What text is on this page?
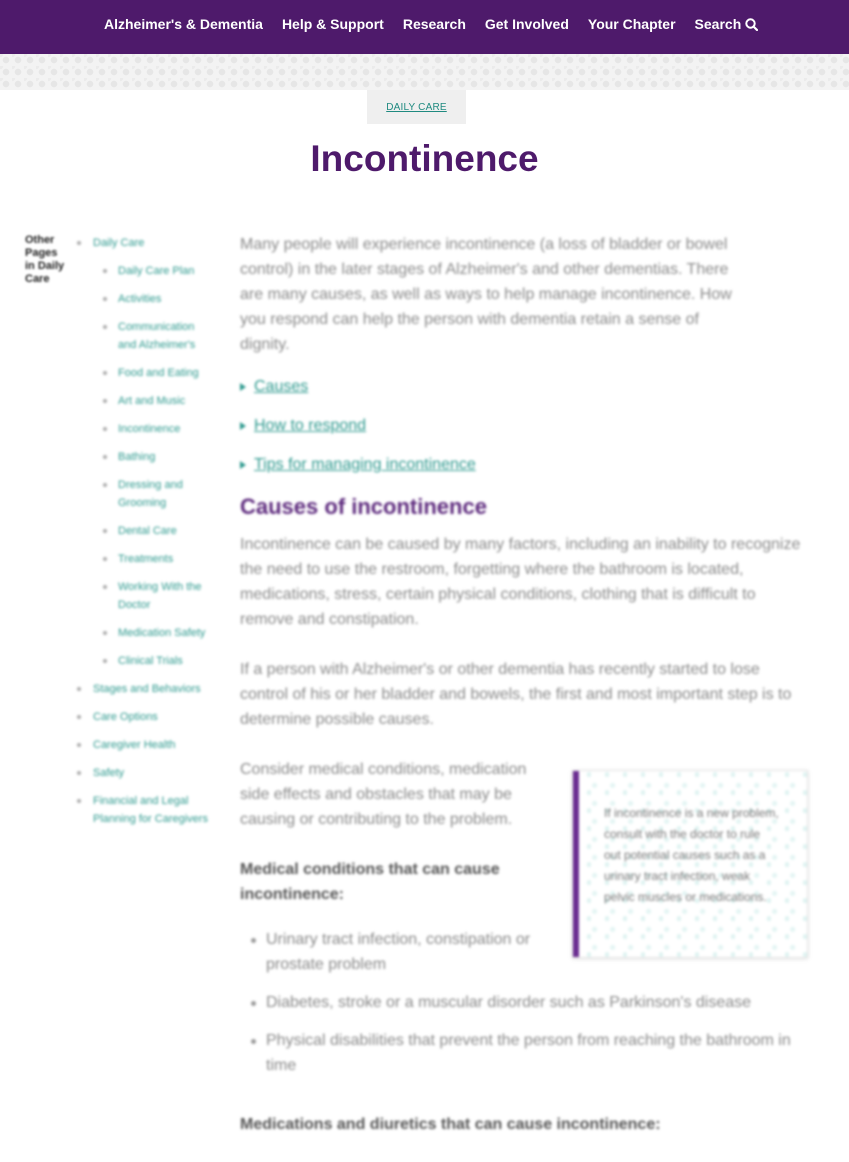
Alzheimer's & Dementia Help & Support Research Get Involved Your Chapter Search
DAILY CARE
Incontinence
Other Pages in Daily Care
Daily Care
Daily Care Plan
Activities
Communication and Alzheimer's
Food and Eating
Art and Music
Incontinence
Bathing
Dressing and Grooming
Dental Care
Treatments
Working With the Doctor
Medication Safety
Clinical Trials
Stages and Behaviors
Care Options
Caregiver Health
Safety
Financial and Legal Planning for Caregivers

Many people will experience incontinence (a loss of bladder or bowel control) in the later stages of Alzheimer's and other dementias. There are many causes, as well as ways to help manage incontinence. How you respond can help the person with dementia retain a sense of dignity.

Causes
How to respond
Tips for managing incontinence
Causes of incontinence

Incontinence can be caused by many factors, including an inability to recognize the need to use the restroom, forgetting where the bathroom is located, medications, stress, certain physical conditions, clothing that is difficult to remove and constipation.

If a person with Alzheimer's or other dementia has recently started to lose control of his or her bladder and bowels, the first and most important step is to determine possible causes.

Consider medical conditions, medication side effects and obstacles that may be causing or contributing to the problem.

Medical conditions that can cause incontinence:

Urinary tract infection, constipation or prostate problem
Diabetes, stroke or a muscular disorder such as Parkinson's disease
Physical disabilities that prevent the person from reaching the bathroom in time

If incontinence is a new problem, consult with the doctor to rule out potential causes such as a urinary tract infection, weak pelvic muscles or medications.

Medications and diuretics that can cause incontinence:
